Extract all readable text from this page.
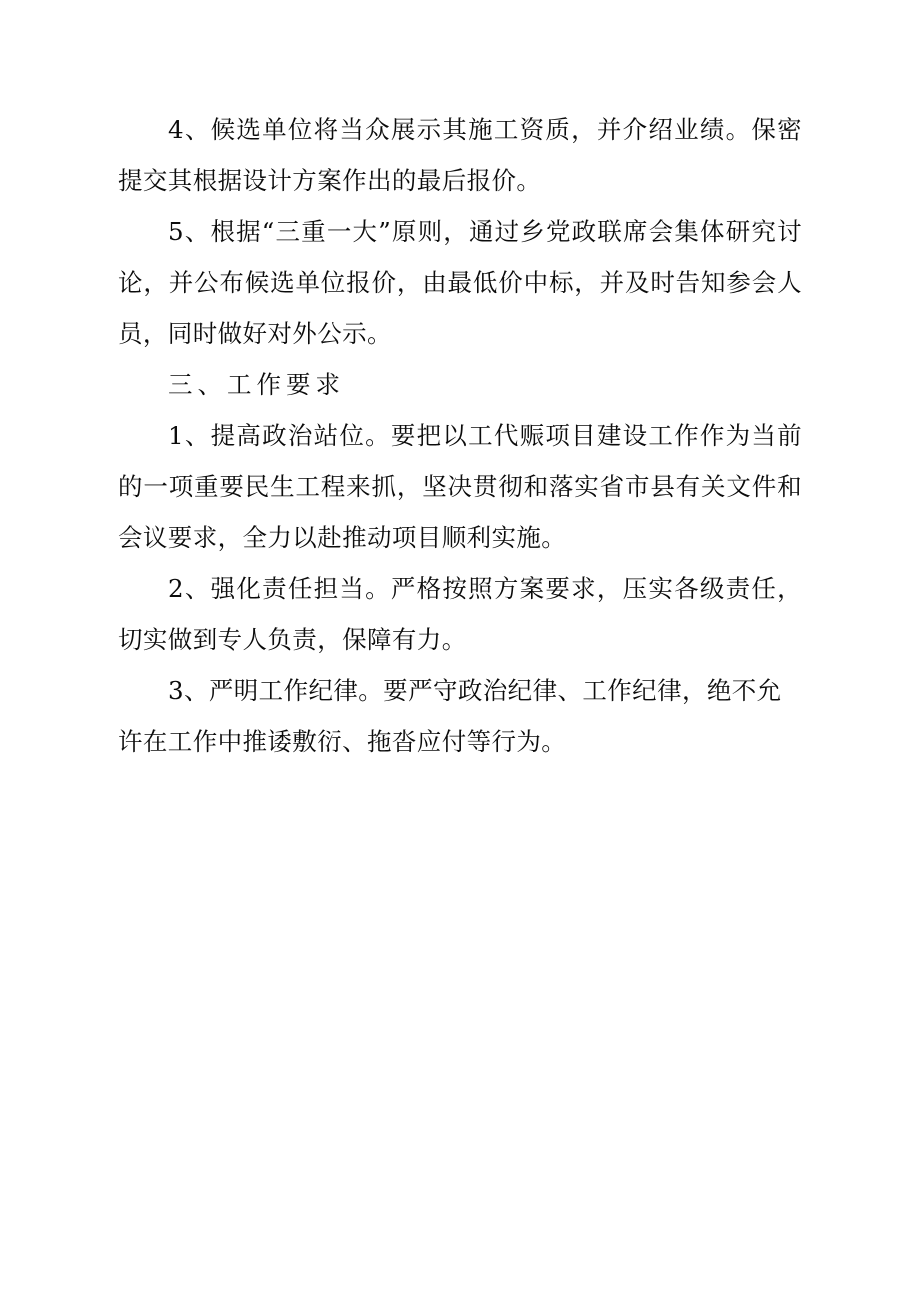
4、候选单位将当众展示其施工资质，并介绍业绩。保密提交其根据设计方案作出的最后报价。

5、根据“三重一大”原则，通过乡党政联席会集体研究讨论，并公布候选单位报价，由最低价中标，并及时告知参会人员，同时做好对外公示。

三、工作要求

1、提高政治站位。要把以工代赈项目建设工作作为当前的一项重要民生工程来抓，坚决贯彻和落实省市县有关文件和会议要求，全力以赴推动项目顺利实施。

2、强化责任担当。严格按照方案要求，压实各级责任，切实做到专人负责，保障有力。

3、严明工作纪律。要严守政治纪律、工作纪律，绝不允许在工作中推诿敷衍、拖沓应付等行为。
